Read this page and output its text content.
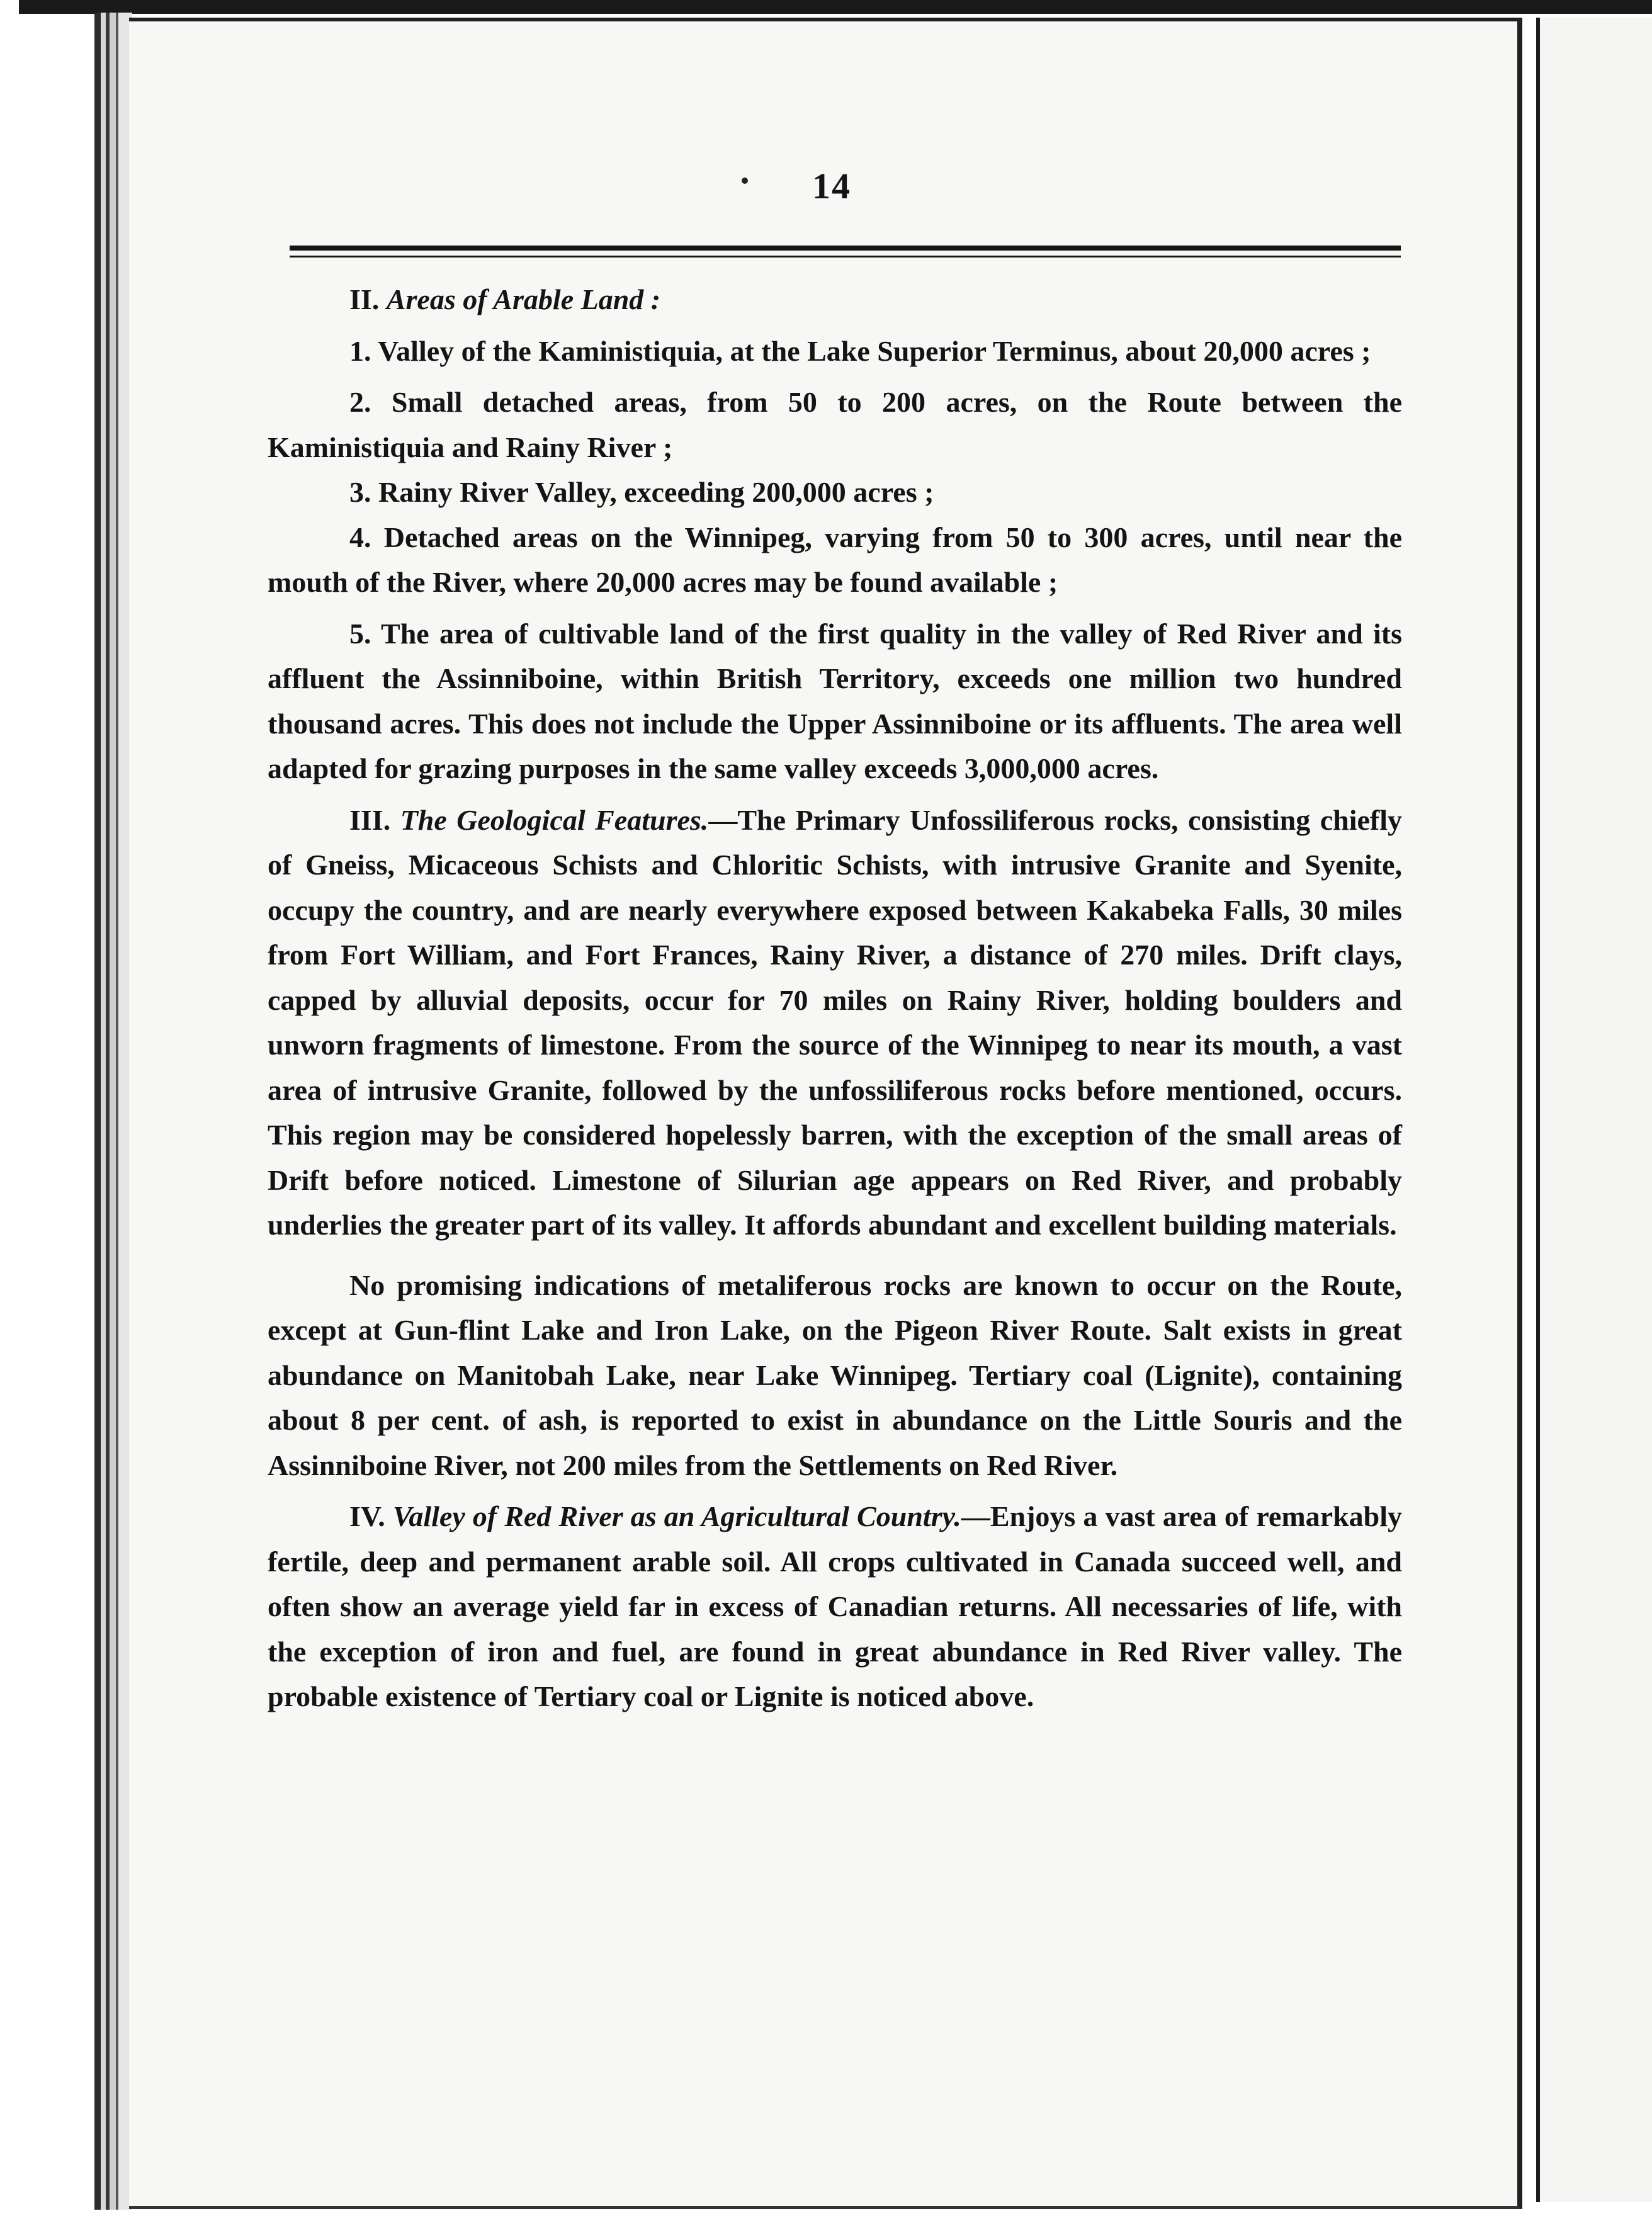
14

II. Areas of Arable Land :

1. Valley of the Kaministiquia, at the Lake Superior Terminus, about 20,000 acres ;

2. Small detached areas, from 50 to 200 acres, on the Route between the Kaministiquia and Rainy River ;

3. Rainy River Valley, exceeding 200,000 acres ;

4. Detached areas on the Winnipeg, varying from 50 to 300 acres, until near the mouth of the River, where 20,000 acres may be found available ;

5. The area of cultivable land of the first quality in the valley of Red River and its affluent the Assinniboine, within British Territory, exceeds one million two hundred thousand acres. This does not include the Upper Assinniboine or its affluents. The area well adapted for grazing purposes in the same valley exceeds 3,000,000 acres.

III. The Geological Features.—The Primary Unfossiliferous rocks, consisting chiefly of Gneiss, Micaceous Schists and Chloritic Schists, with intrusive Granite and Syenite, occupy the country, and are nearly everywhere exposed between Kakabeka Falls, 30 miles from Fort William, and Fort Frances, Rainy River, a distance of 270 miles. Drift clays, capped by alluvial deposits, occur for 70 miles on Rainy River, holding boulders and unworn fragments of limestone. From the source of the Winnipeg to near its mouth, a vast area of intrusive Granite, followed by the unfossiliferous rocks before mentioned, occurs. This region may be considered hopelessly barren, with the exception of the small areas of Drift before noticed. Limestone of Silurian age appears on Red River, and probably underlies the greater part of its valley. It affords abundant and excellent building materials.

No promising indications of metaliferous rocks are known to occur on the Route, except at Gun-flint Lake and Iron Lake, on the Pigeon River Route. Salt exists in great abundance on Manitobah Lake, near Lake Winnipeg. Tertiary coal (Lignite), containing about 8 per cent. of ash, is reported to exist in abundance on the Little Souris and the Assinniboine River, not 200 miles from the Settlements on Red River.

IV. Valley of Red River as an Agricultural Country.—Enjoys a vast area of remarkably fertile, deep and permanent arable soil. All crops cultivated in Canada succeed well, and often show an average yield far in excess of Canadian returns. All necessaries of life, with the exception of iron and fuel, are found in great abundance in Red River valley. The probable existence of Tertiary coal or Lignite is noticed above.
